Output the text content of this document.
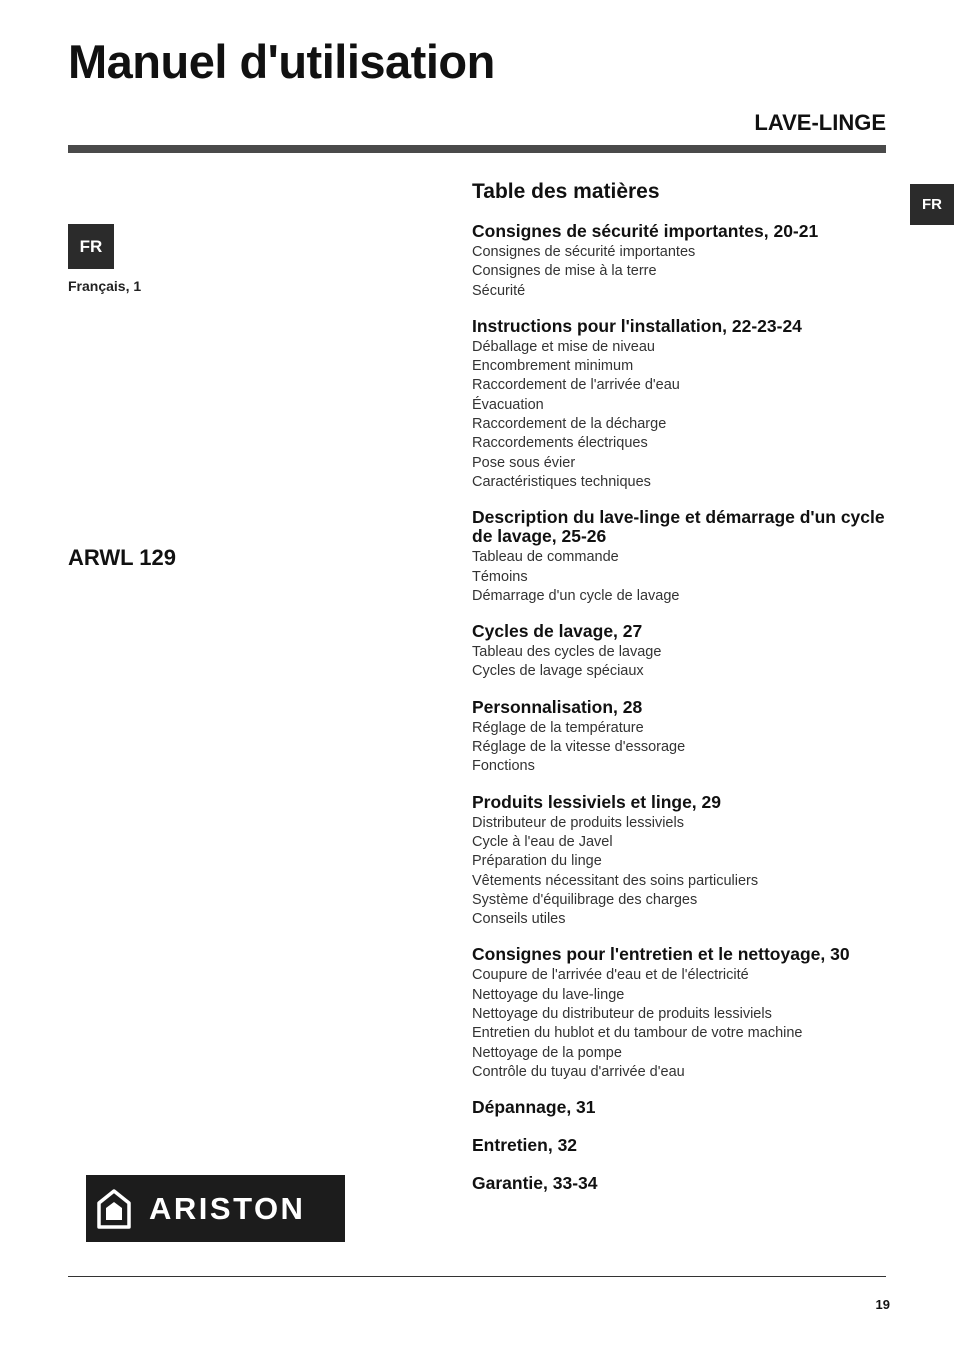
Manuel d'utilisation
LAVE-LINGE
FR
FR
Français, 1
ARWL 129
ARISTON
Table des matières
Consignes de sécurité importantes, 20-21
Consignes de sécurité importantes
Consignes de mise à la terre
Sécurité
Instructions pour l'installation, 22-23-24
Déballage et mise de niveau
Encombrement minimum
Raccordement de l'arrivée d'eau
Évacuation
Raccordement de la décharge
Raccordements électriques
Pose sous évier
Caractéristiques techniques
Description du lave-linge et démarrage d'un cycle de lavage, 25-26
Tableau de commande
Témoins
Démarrage d'un cycle de lavage
Cycles de lavage, 27
Tableau des cycles de lavage
Cycles de lavage spéciaux
Personnalisation, 28
Réglage de la température
Réglage de la vitesse d'essorage
Fonctions
Produits lessiviels et linge, 29
Distributeur de produits lessiviels
Cycle à l'eau de Javel
Préparation du linge
Vêtements nécessitant des soins particuliers
Système d'équilibrage des charges
Conseils utiles
Consignes pour l'entretien et le nettoyage, 30
Coupure de l'arrivée d'eau et de l'électricité
Nettoyage du lave-linge
Nettoyage du distributeur de produits lessiviels
Entretien du hublot et du tambour de votre machine
Nettoyage de la pompe
Contrôle du tuyau d'arrivée d'eau
Dépannage, 31
Entretien, 32
Garantie, 33-34
19
